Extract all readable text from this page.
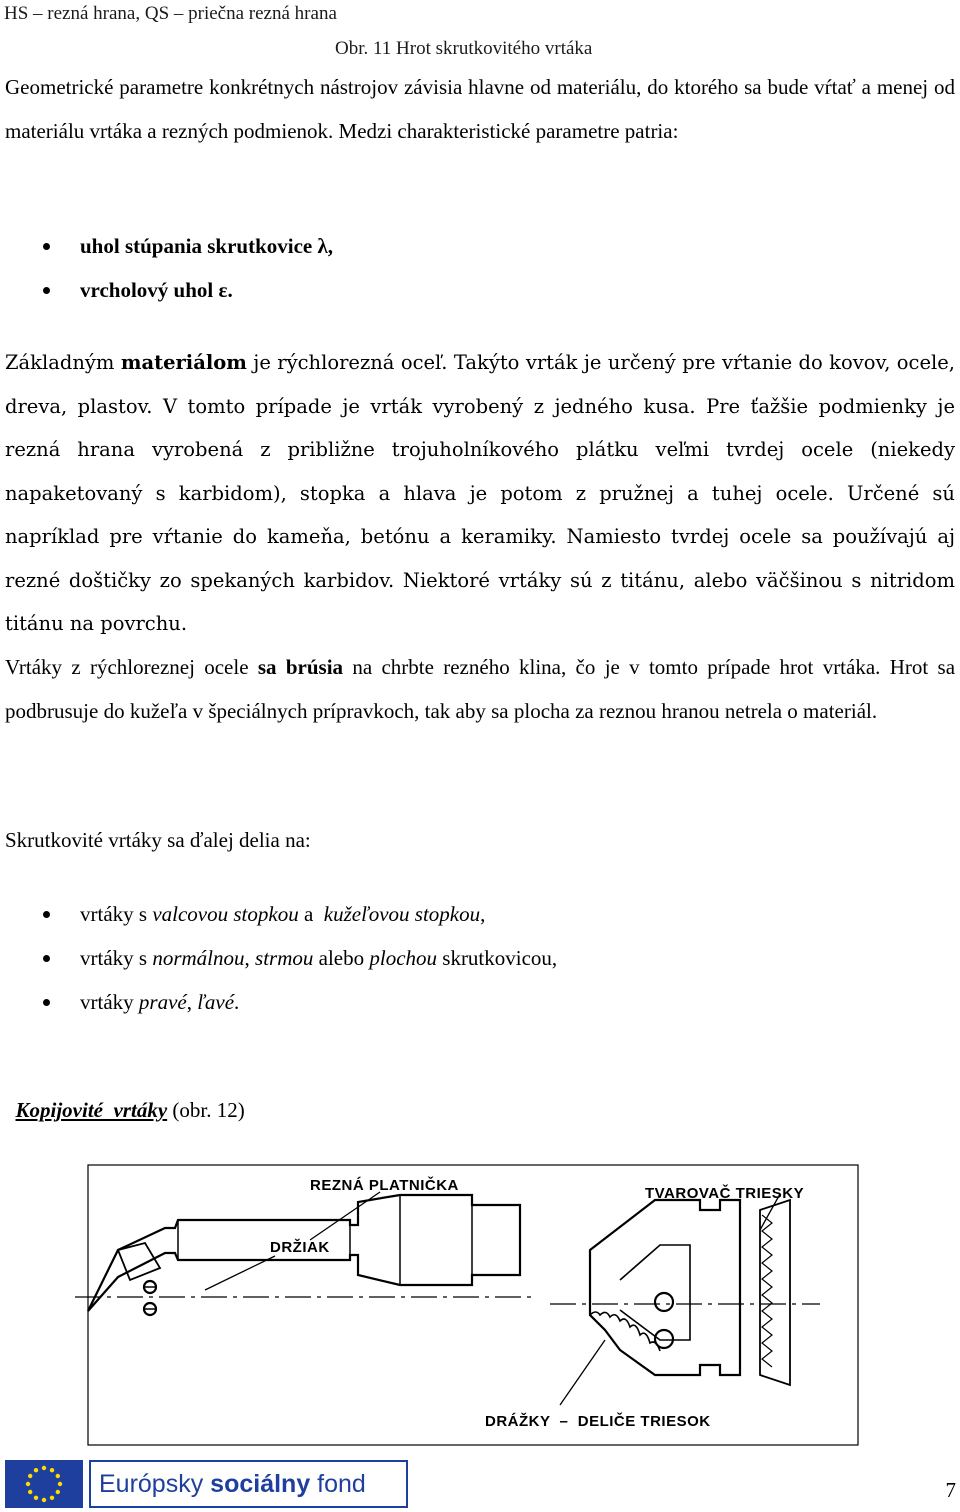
HS – rezná hrana, QS – priečna rezná hrana
Obr. 11 Hrot skrutkovitého vrtáka

Geometrické parametre konkrétnych nástrojov závisia hlavne od materiálu, do ktorého sa bude vŕtať a menej od materiálu vrtáka a rezných podmienok. Medzi charakteristické parametre patria:

uhol stúpania skrutkovice λ,
vrcholový uhol ε.

Základným materiálom je rýchlorezná oceľ. Takýto vrták je určený pre vŕtanie do kovov, ocele, dreva, plastov. V tomto prípade je vrták vyrobený z jedného kusa. Pre ťažšie podmienky je rezná hrana vyrobená z približne trojuholníkového plátku veľmi tvrdej ocele (niekedy napaketovaný s karbidom), stopka a hlava je potom z pružnej a tuhej ocele. Určené sú napríklad pre vŕtanie do kameňa, betónu a keramiky. Namiesto tvrdej ocele sa používajú aj rezné doštičky zo spekaných karbidov. Niektoré vrtáky sú z titánu, alebo väčšinou s nitridom titánu na povrchu.

Vrtáky z rýchloreznej ocele sa brúsia na chrbte rezného klina, čo je v tomto prípade hrot vrtáka. Hrot sa podbrusuje do kužeľa v špeciálnych prípravkoch, tak aby sa plocha za reznou hranou netrela o materiál.

Skrutkovité vrtáky sa ďalej delia na:

vrtáky s valcovou stopkou a  kužeľovou stopkou,
vrtáky s normálnou, strmou alebo plochou skrutkovicou,
vrtáky pravé, ľavé.

Kopijovité  vrtáky (obr. 12)

REZNÁ PLATNIČKA
DRŽIAK
TVAROVAČ TRIESKY
DRÁŽKY  –  DELIČE TRIESOK
Európsky sociálny fond	7
